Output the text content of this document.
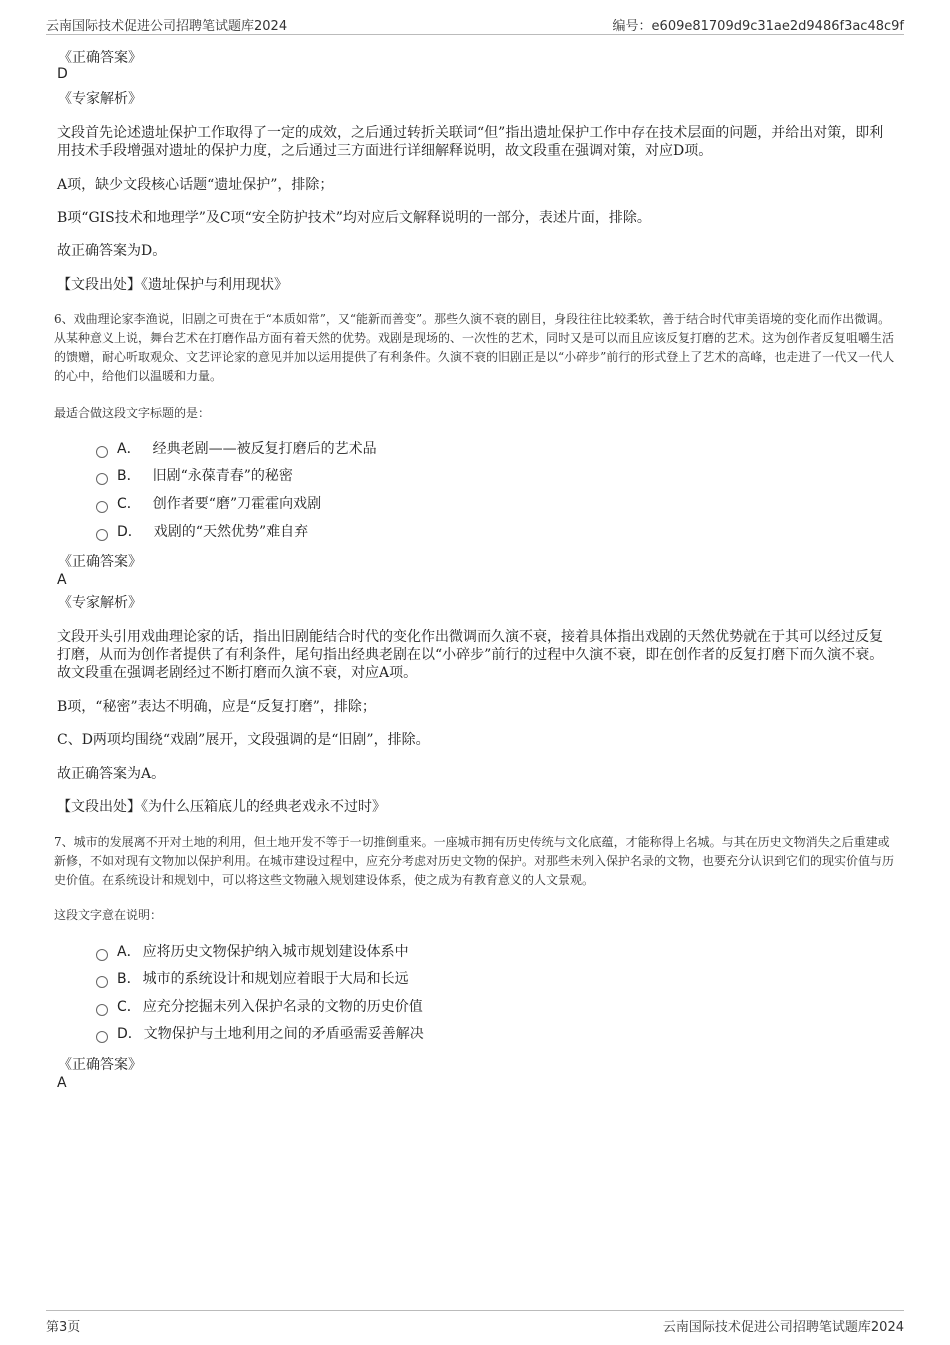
云南国际技术促进公司招聘笔试题库2024	编号：e609e81709d9c31ae2d9486f3ac48c9f
《正确答案》
D
《专家解析》

文段首先论述遗址保护工作取得了一定的成效，之后通过转折关联词“但”指出遗址保护工作中存在技术层面的问题，并给出对策，即利用技术手段增强对遗址的保护力度，之后通过三方面进行详细解释说明，故文段重在强调对策，对应D项。

A项，缺少文段核心话题“遗址保护”，排除；

B项“GIS技术和地理学”及C项“安全防护技术”均对应后文解释说明的一部分，表述片面，排除。

故正确答案为D。

【文段出处】《遗址保护与利用现状》

6、戏曲理论家李渔说，旧剧之可贵在于“本质如常”，又“能新而善变”。那些久演不衰的剧目，身段往往比较柔软，善于结合时代审美语境的变化而作出微调。从某种意义上说，舞台艺术在打磨作品方面有着天然的优势。戏剧是现场的、一次性的艺术，同时又是可以而且应该反复打磨的艺术。这为创作者反复咀嚼生活的馈赠，耐心听取观众、文艺评论家的意见并加以运用提供了有利条件。久演不衰的旧剧正是以“小碎步”前行的形式登上了艺术的高峰，也走进了一代又一代人的心中，给他们以温暖和力量。

最适合做这段文字标题的是：

A． 经典老剧——被反复打磨后的艺术品
B． 旧剧“永葆青春”的秘密
C． 创作者要“磨”刀霍霍向戏剧
D． 戏剧的“天然优势”难自弃
《正确答案》
A
《专家解析》

文段开头引用戏曲理论家的话，指出旧剧能结合时代的变化作出微调而久演不衰，接着具体指出戏剧的天然优势就在于其可以经过反复打磨，从而为创作者提供了有利条件，尾句指出经典老剧在以“小碎步”前行的过程中久演不衰，即在创作者的反复打磨下而久演不衰。故文段重在强调老剧经过不断打磨而久演不衰，对应A项。

B项，“秘密”表达不明确，应是“反复打磨”，排除；

C、D两项均围绕“戏剧”展开，文段强调的是“旧剧”，排除。

故正确答案为A。

【文段出处】《为什么压箱底儿的经典老戏永不过时》

7、城市的发展离不开对土地的利用，但土地开发不等于一切推倒重来。一座城市拥有历史传统与文化底蕴，才能称得上名城。与其在历史文物消失之后重建或新修，不如对现有文物加以保护利用。在城市建设过程中，应充分考虑对历史文物的保护。对那些未列入保护名录的文物，也要充分认识到它们的现实价值与历史价值。在系统设计和规划中，可以将这些文物融入规划建设体系，使之成为有教育意义的人文景观。

这段文字意在说明：

A． 应将历史文物保护纳入城市规划建设体系中
B． 城市的系统设计和规划应着眼于大局和长远
C． 应充分挖掘未列入保护名录的文物的历史价值
D． 文物保护与土地利用之间的矛盾亟需妥善解决
《正确答案》
A
第3页	云南国际技术促进公司招聘笔试题库2024
